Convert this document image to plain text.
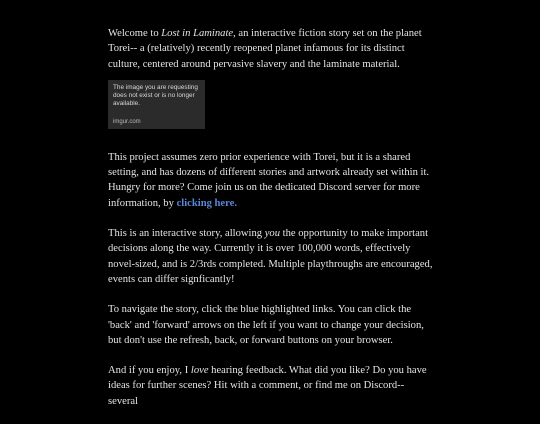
Welcome to Lost in Laminate, an interactive fiction story set on the planet Torei-- a (relatively) recently reopened planet infamous for its distinct culture, centered around pervasive slavery and the laminate material.

The image you are requesting does not exist or is no longer available.
imgur.com

This project assumes zero prior experience with Torei, but it is a shared setting, and has dozens of different stories and artwork already set within it. Hungry for more? Come join us on the dedicated Discord server for more information, by clicking here.

This is an interactive story, allowing you the opportunity to make important decisions along the way. Currently it is over 100,000 words, effectively novel-sized, and is 2/3rds completed. Multiple playthroughs are encouraged, events can differ signficantly!

To navigate the story, click the blue highlighted links. You can click the 'back' and 'forward' arrows on the left if you want to change your decision, but don't use the refresh, back, or forward buttons on your browser.

And if you enjoy, I love hearing feedback. What did you like? Do you have ideas for further scenes? Hit with a comment, or find me on Discord-- several
